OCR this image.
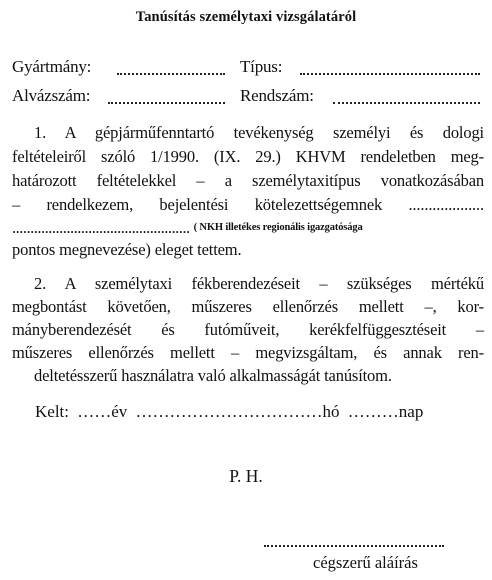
Tanúsítás személytaxi vizsgálatáról
Gyártmány:	Típus:
Alvázszám:	Rendszám:
1. A gépjárműfenntartó tevékenység személyi és dologi
feltételeiről szóló 1/1990. (IX. 29.) KHVM rendeletben meg-
határozott feltételekkel – a személytaxitípus vonatkozásában
– rendelkezem, bejelentési kötelezettségemnek ...................
................................................. ( NKH illetékes regionális igazgatósága
pontos megnevezése) eleget tettem.
2. A személytaxi fékberendezéseit – szükséges mértékű
megbontást követően, műszeres ellenőrzés mellett –, kor-
mányberendezését és futóműveit, kerékfelfüggesztéseit –
műszeres ellenőrzés mellett – megvizsgáltam, és annak ren-
deltetésszerű használatra való alkalmasságát tanúsítom.
Kelt: ……év ……………………………hó ………nap
P. H.
cégszerű aláírás
